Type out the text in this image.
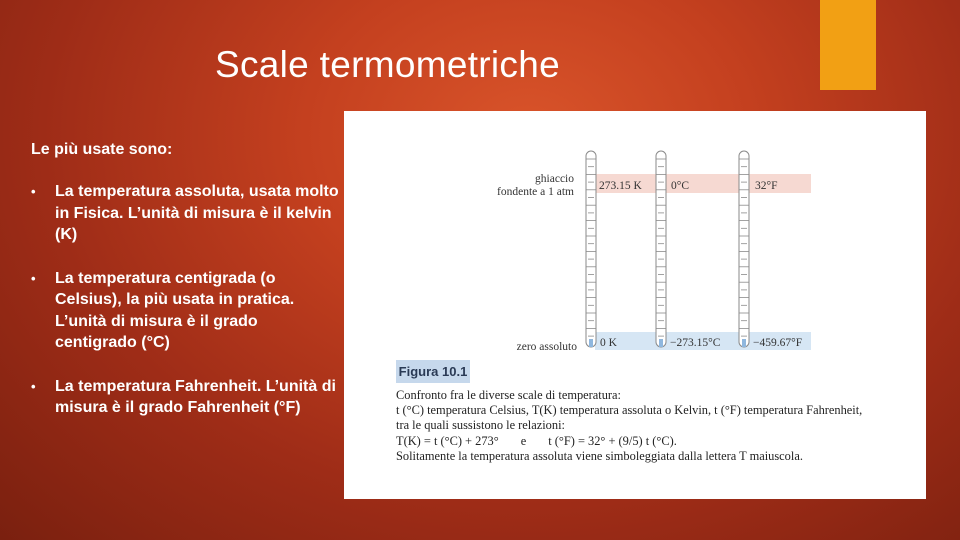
Scale termometriche
Le più usate sono:
• La temperatura assoluta, usata molto in Fisica. L’unità di misura è il kelvin (K)
• La temperatura centigrada (o Celsius), la più usata in pratica. L’unità di misura è il grado centigrado (°C)
• La temperatura Fahrenheit. L’unità di misura è il grado Fahrenheit (°F)
ghiaccio
fondente a 1 atm
zero assoluto
273.15 K	0°C	32°F
0 K	−273.15°C	−459.67°F
Figura 10.1
Confronto fra le diverse scale di temperatura:
t (°C) temperatura Celsius, T(K) temperatura assoluta o Kelvin, t (°F) temperatura Fahrenheit,
tra le quali sussistono le relazioni:
T(K) = t (°C) + 273° e t (°F) = 32° + (9/5) t (°C).
Solitamente la temperatura assoluta viene simboleggiata dalla lettera T maiuscola.
